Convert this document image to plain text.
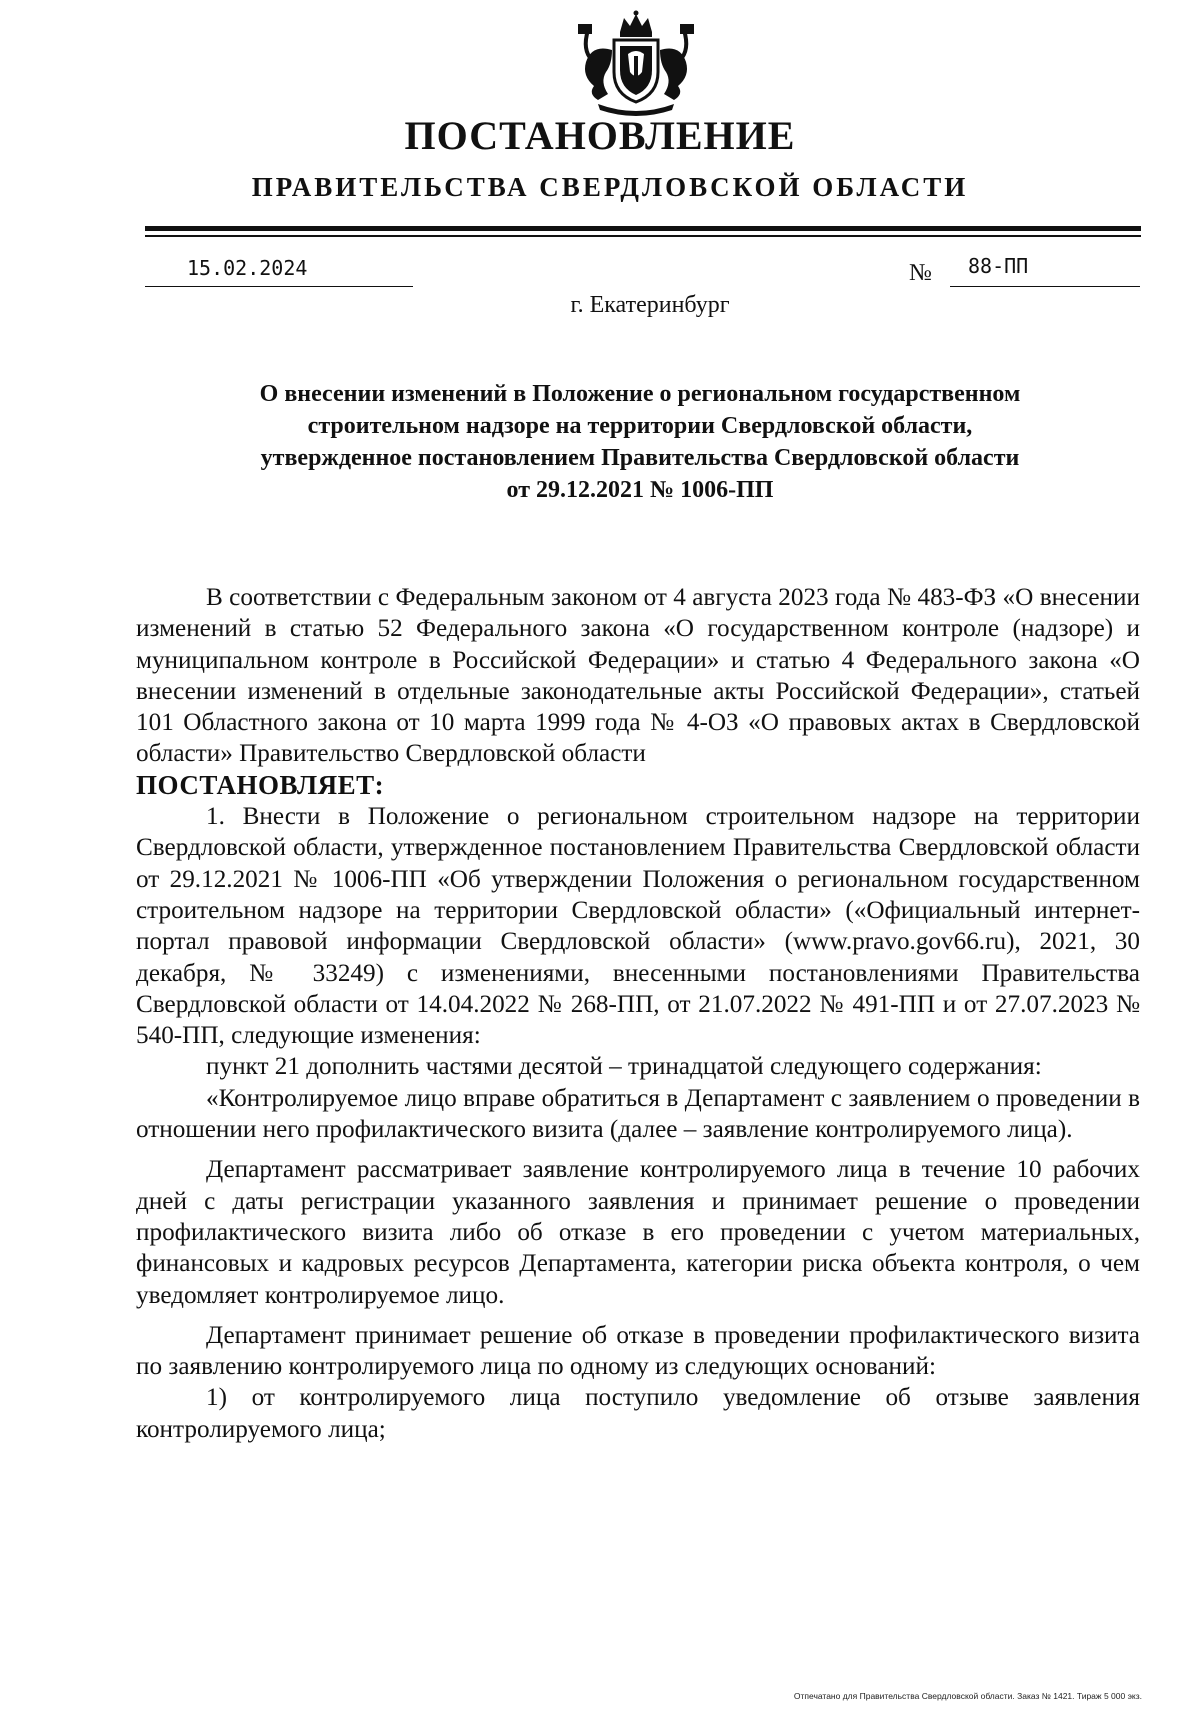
ПОСТАНОВЛЕНИЕ
ПРАВИТЕЛЬСТВА СВЕРДЛОВСКОЙ ОБЛАСТИ
15.02.2024	№ 88-ПП
г. Екатеринбург
О внесении изменений в Положение о региональном государственном
строительном надзоре на территории Свердловской области,
утвержденное постановлением Правительства Свердловской области
от 29.12.2021 № 1006-ПП

В соответствии с Федеральным законом от 4 августа 2023 года № 483-ФЗ «О внесении изменений в статью 52 Федерального закона «О государственном контроле (надзоре) и муниципальном контроле в Российской Федерации» и статью 4 Федерального закона «О внесении изменений в отдельные законодательные акты Российской Федерации», статьей 101 Областного закона от 10 марта 1999 года № 4-ОЗ «О правовых актах в Свердловской области» Правительство Свердловской области

ПОСТАНОВЛЯЕТ:

1. Внести в Положение о региональном строительном надзоре на территории Свердловской области, утвержденное постановлением Правительства Свердловской области от 29.12.2021 № 1006-ПП «Об утверждении Положения о региональном государственном строительном надзоре на территории Свердловской области» («Официальный интернет-портал правовой информации Свердловской области» (www.pravo.gov66.ru), 2021, 30 декабря, № 33249) с изменениями, внесенными постановлениями Правительства Свердловской области от 14.04.2022 № 268-ПП, от 21.07.2022 № 491-ПП и от 27.07.2023 № 540-ПП, следующие изменения:

пункт 21 дополнить частями десятой – тринадцатой следующего содержания:

«Контролируемое лицо вправе обратиться в Департамент с заявлением о проведении в отношении него профилактического визита (далее – заявление контролируемого лица).

Департамент рассматривает заявление контролируемого лица в течение 10 рабочих дней с даты регистрации указанного заявления и принимает решение о проведении профилактического визита либо об отказе в его проведении с учетом материальных, финансовых и кадровых ресурсов Департамента, категории риска объекта контроля, о чем уведомляет контролируемое лицо.

Департамент принимает решение об отказе в проведении профилактического визита по заявлению контролируемого лица по одному из следующих оснований:

1) от контролируемого лица поступило уведомление об отзыве заявления контролируемого лица;

Отпечатано для Правительства Свердловской области. Заказ № 1421. Тираж 5 000 экз.
